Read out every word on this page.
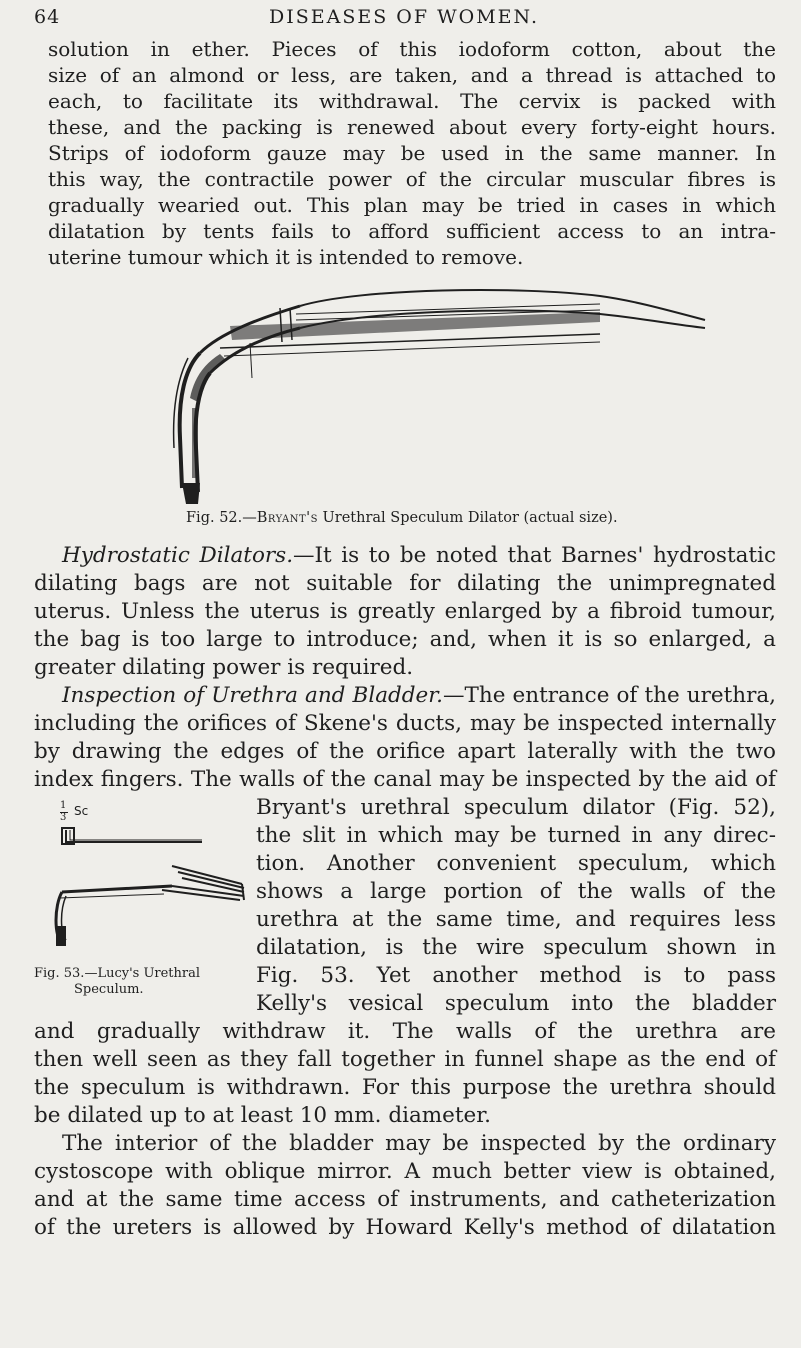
64	DISEASES OF WOMEN.
solution in ether. Pieces of this iodoform cotton, about the
size of an almond or less, are taken, and a thread is attached to
each, to facilitate its withdrawal. The cervix is packed with
these, and the packing is renewed about every forty-eight hours.
Strips of iodoform gauze may be used in the same manner. In
this way, the contractile power of the circular muscular fibres is
gradually wearied out. This plan may be tried in cases in which
dilatation by tents fails to afford sufficient access to an intra-
uterine tumour which it is intended to remove.
Fig. 52.—Bryant's Urethral Speculum Dilator (actual size).
Hydrostatic Dilators.—It is to be noted that Barnes' hydrostatic
dilating bags are not suitable for dilating the unimpregnated
uterus. Unless the uterus is greatly enlarged by a fibroid tumour,
the bag is too large to introduce; and, when it is so enlarged, a
greater dilating power is required.
Inspection of Urethra and Bladder.—The entrance of the urethra,
including the orifices of Skene's ducts, may be inspected internally
by drawing the edges of the orifice apart laterally with the two
index fingers. The walls of the canal may be inspected by the aid of
Bryant's urethral speculum dilator (Fig. 52),
the slit in which may be turned in any direc-
tion. Another convenient speculum, which
shows a large portion of the walls of the
urethra at the same time, and requires less
dilatation, is the wire speculum shown in
Fig. 53. Yet another method is to pass
Kelly's vesical speculum into the bladder
1
3 Sc
Fig. 53.—Lucy's Urethral
Speculum.
and gradually withdraw it. The walls of the urethra are
then well seen as they fall together in funnel shape as the end of
the speculum is withdrawn. For this purpose the urethra should
be dilated up to at least 10 mm. diameter.
The interior of the bladder may be inspected by the ordinary
cystoscope with oblique mirror. A much better view is obtained,
and at the same time access of instruments, and catheterization
of the ureters is allowed by Howard Kelly's method of dilatation
